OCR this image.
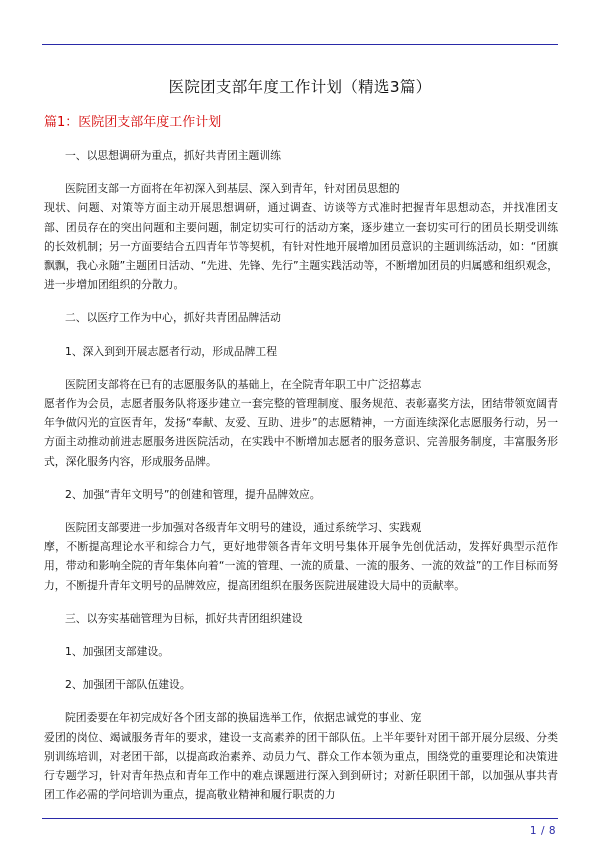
医院团支部年度工作计划（精选3篇）
篇1：医院团支部年度工作计划

一、以思想调研为重点，抓好共青团主题训练

医院团支部一方面将在年初深入到基层、深入到青年，针对团员思想的
现状、问题、对策等方面主动开展思想调研，通过调查、访谈等方式准时把握青年思想动态，并找准团支部、团员存在的突出问题和主要问题，制定切实可行的活动方案，逐步建立一套切实可行的团员长期受训练的长效机制；另一方面要结合五四青年节等契机，有针对性地开展增加团员意识的主题训练活动，如：“团旗飘飘，我心永随”主题团日活动、“先进、先锋、先行”主题实践活动等，不断增加团员的归属感和组织观念，进一步增加团组织的分散力。

二、以医疗工作为中心，抓好共青团品牌活动

1、深入到到开展志愿者行动，形成品牌工程

医院团支部将在已有的志愿服务队的基础上，在全院青年职工中广泛招募志
愿者作为会员，志愿者服务队将逐步建立一套完整的管理制度、服务规范、表彰嘉奖方法，团结带领宽阔青年争做闪光的宣医青年，发扬“奉献、友爱、互助、进步”的志愿精神，一方面连续深化志愿服务行动，另一方面主动推动前进志愿服务进医院活动，在实践中不断增加志愿者的服务意识、完善服务制度，丰富服务形式，深化服务内容，形成服务品牌。

2、加强“青年文明号”的创建和管理，提升品牌效应。

医院团支部要进一步加强对各级青年文明号的建设，通过系统学习、实践观
摩，不断提高理论水平和综合力气，更好地带领各青年文明号集体开展争先创优活动，发挥好典型示范作用，带动和影响全院的青年集体向着“一流的管理、一流的质量、一流的服务、一流的效益”的工作目标而努力，不断提升青年文明号的品牌效应，提高团组织在服务医院进展建设大局中的贡献率。

三、以夯实基础管理为目标，抓好共青团组织建设

1、加强团支部建设。

2、加强团干部队伍建设。

院团委要在年初完成好各个团支部的换届选举工作，依据忠诚党的事业、宠
爱团的岗位、竭诚服务青年的要求，建设一支高素养的团干部队伍。上半年要针对团干部开展分层级、分类别训练培训，对老团干部，以提高政治素养、动员力气、群众工作本领为重点，围绕党的重要理论和决策进行专题学习，针对青年热点和青年工作中的难点课题进行深入到到研讨；对新任职团干部，以加强从事共青团工作必需的学问培训为重点，提高敬业精神和履行职责的力

1 / 8
